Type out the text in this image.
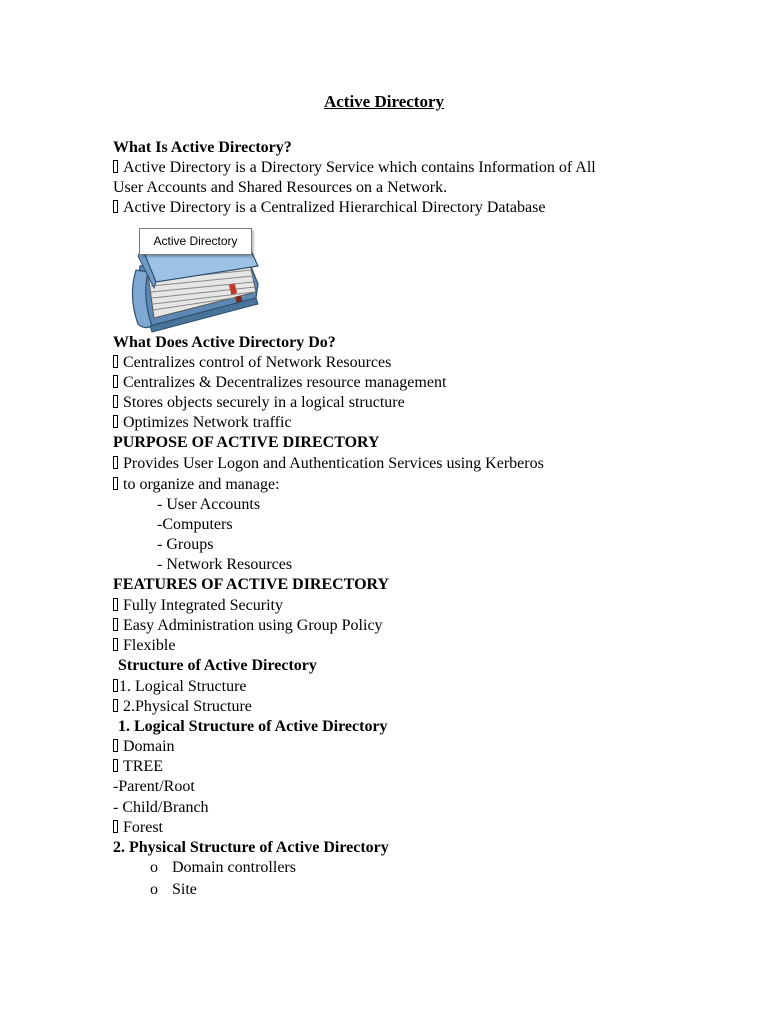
Active Directory
What Is Active Directory?
Active Directory is a Directory Service which contains Information of All
User Accounts and Shared Resources on a Network.
Active Directory is a Centralized Hierarchical Directory Database
Active Directory
What Does Active Directory Do?
Centralizes control of Network Resources
Centralizes & Decentralizes resource management
Stores objects securely in a logical structure
Optimizes Network traffic
PURPOSE OF ACTIVE DIRECTORY
Provides User Logon and Authentication Services using Kerberos
to organize and manage:
- User Accounts
-Computers
- Groups
- Network Resources
FEATURES OF ACTIVE DIRECTORY
Fully Integrated Security
Easy Administration using Group Policy
Flexible
Structure of Active Directory
1. Logical Structure
2.Physical Structure
1. Logical Structure of Active Directory
Domain
TREE
-Parent/Root
- Child/Branch
Forest
2. Physical Structure of Active Directory
o Domain controllers
o Site
